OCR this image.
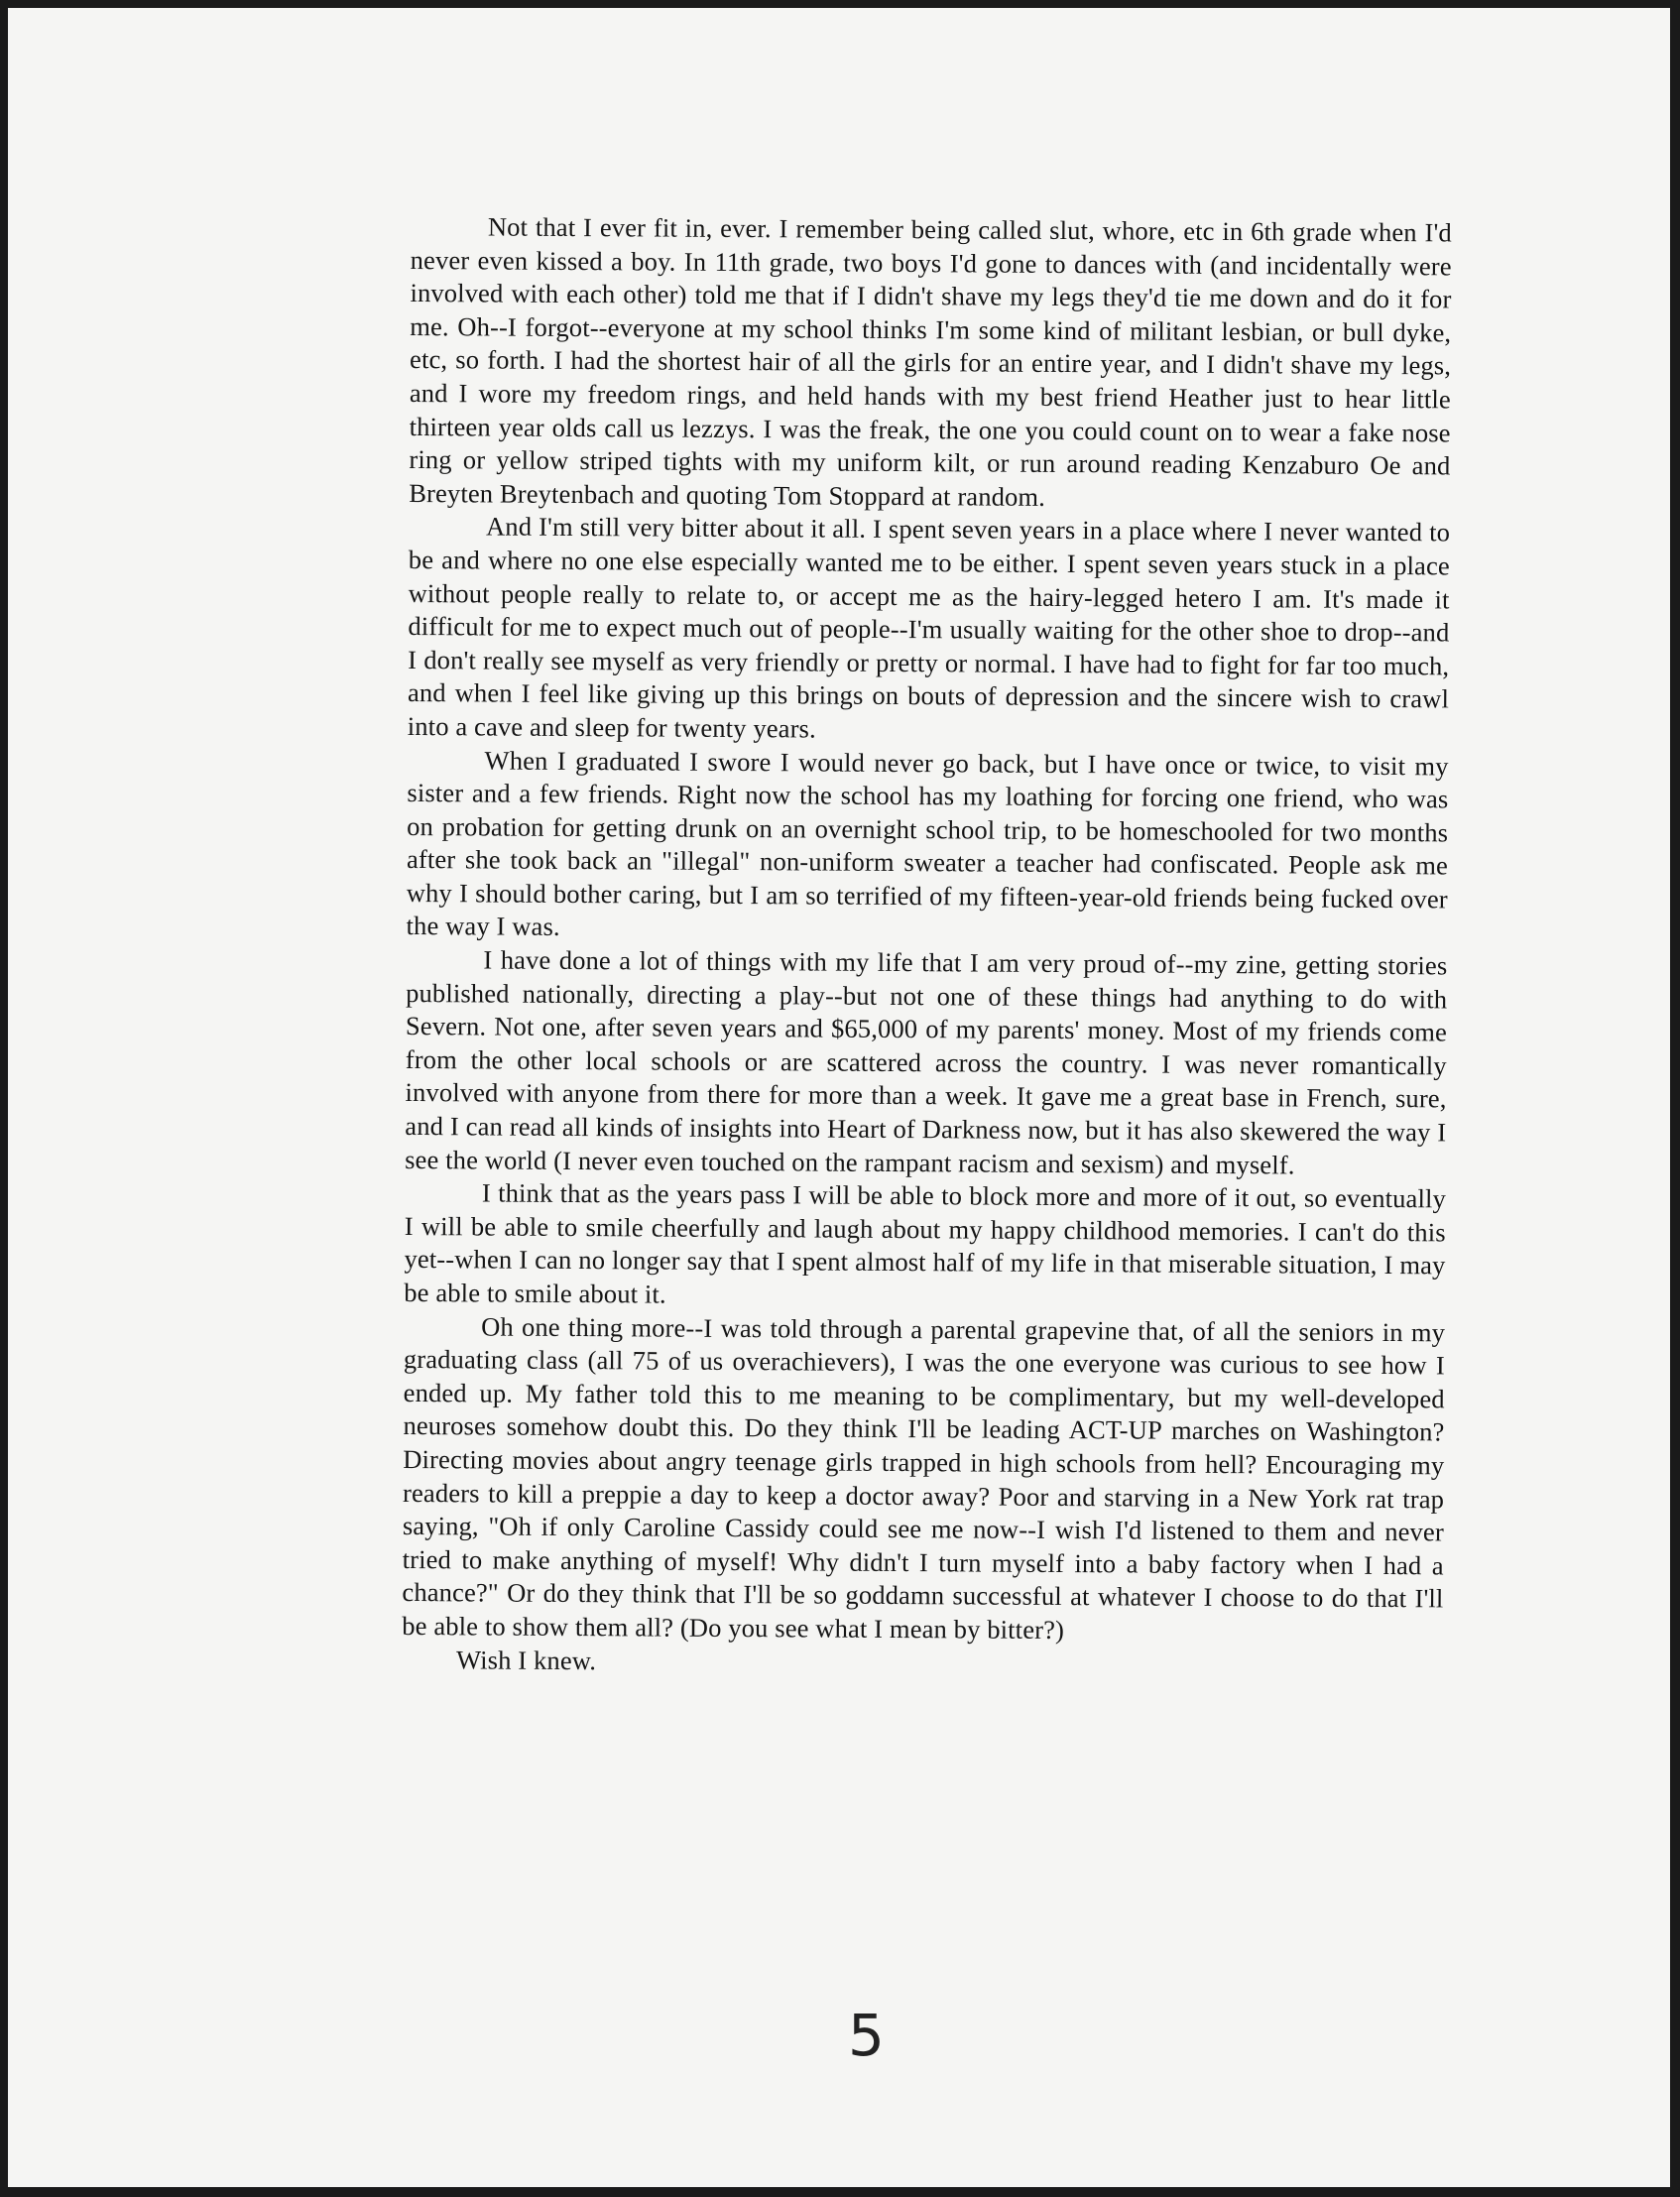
Not that I ever fit in, ever. I remember being called slut, whore, etc in 6th grade when I'd never even kissed a boy. In 11th grade, two boys I'd gone to dances with (and incidentally were involved with each other) told me that if I didn't shave my legs they'd tie me down and do it for me. Oh--I forgot--everyone at my school thinks I'm some kind of militant lesbian, or bull dyke, etc, so forth. I had the shortest hair of all the girls for an entire year, and I didn't shave my legs, and I wore my freedom rings, and held hands with my best friend Heather just to hear little thirteen year olds call us lezzys. I was the freak, the one you could count on to wear a fake nose ring or yellow striped tights with my uniform kilt, or run around reading Kenzaburo Oe and Breyten Breytenbach and quoting Tom Stoppard at random.

And I'm still very bitter about it all. I spent seven years in a place where I never wanted to be and where no one else especially wanted me to be either. I spent seven years stuck in a place without people really to relate to, or accept me as the hairy-legged hetero I am. It's made it difficult for me to expect much out of people--I'm usually waiting for the other shoe to drop--and I don't really see myself as very friendly or pretty or normal. I have had to fight for far too much, and when I feel like giving up this brings on bouts of depression and the sincere wish to crawl into a cave and sleep for twenty years.

When I graduated I swore I would never go back, but I have once or twice, to visit my sister and a few friends. Right now the school has my loathing for forcing one friend, who was on probation for getting drunk on an overnight school trip, to be homeschooled for two months after she took back an "illegal" non-uniform sweater a teacher had confiscated. People ask me why I should bother caring, but I am so terrified of my fifteen-year-old friends being fucked over the way I was.

I have done a lot of things with my life that I am very proud of--my zine, getting stories published nationally, directing a play--but not one of these things had anything to do with Severn. Not one, after seven years and $65,000 of my parents' money. Most of my friends come from the other local schools or are scattered across the country. I was never romantically involved with anyone from there for more than a week. It gave me a great base in French, sure, and I can read all kinds of insights into Heart of Darkness now, but it has also skewered the way I see the world (I never even touched on the rampant racism and sexism) and myself.

I think that as the years pass I will be able to block more and more of it out, so eventually I will be able to smile cheerfully and laugh about my happy childhood memories. I can't do this yet--when I can no longer say that I spent almost half of my life in that miserable situation, I may be able to smile about it.

Oh one thing more--I was told through a parental grapevine that, of all the seniors in my graduating class (all 75 of us overachievers), I was the one everyone was curious to see how I ended up. My father told this to me meaning to be complimentary, but my well-developed neuroses somehow doubt this. Do they think I'll be leading ACT-UP marches on Washington? Directing movies about angry teenage girls trapped in high schools from hell? Encouraging my readers to kill a preppie a day to keep a doctor away? Poor and starving in a New York rat trap saying, "Oh if only Caroline Cassidy could see me now--I wish I'd listened to them and never tried to make anything of myself! Why didn't I turn myself into a baby factory when I had a chance?" Or do they think that I'll be so goddamn successful at whatever I choose to do that I'll be able to show them all? (Do you see what I mean by bitter?)

Wish I knew.

5
